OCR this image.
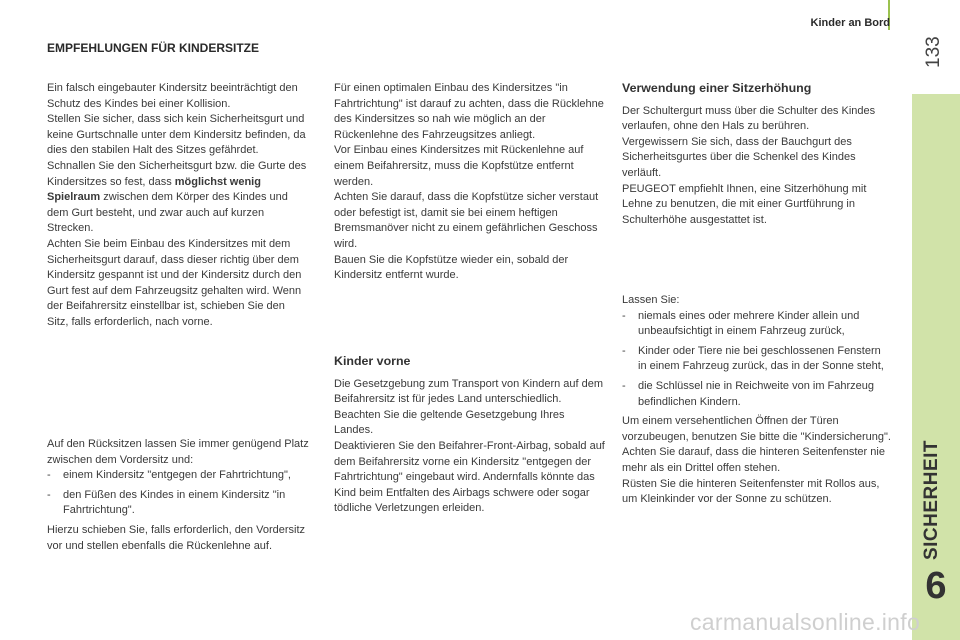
Kinder an Bord
133
SICHERHEIT
6
EMPFEHLUNGEN FÜR KINDERSITZE

Ein falsch eingebauter Kindersitz beeinträchtigt den Schutz des Kindes bei einer Kollision.

Stellen Sie sicher, dass sich kein Sicherheitsgurt und keine Gurtschnalle unter dem Kindersitz befinden, da dies den stabilen Halt des Sitzes gefährdet.

Schnallen Sie den Sicherheitsgurt bzw. die Gurte des Kindersitzes so fest, dass möglichst wenig Spielraum zwischen dem Körper des Kindes und dem Gurt besteht, und zwar auch auf kurzen Strecken.

Achten Sie beim Einbau des Kindersitzes mit dem Sicherheitsgurt darauf, dass dieser richtig über dem Kindersitz gespannt ist und der Kindersitz durch den Gurt fest auf dem Fahrzeugsitz gehalten wird. Wenn der Beifahrersitz einstellbar ist, schieben Sie den Sitz, falls erforderlich, nach vorne.

Auf den Rücksitzen lassen Sie immer genügend Platz zwischen dem Vordersitz und:

- einem Kindersitz "entgegen der Fahrtrichtung",
- den Füßen des Kindes in einem Kindersitz "in Fahrtrichtung".

Hierzu schieben Sie, falls erforderlich, den Vordersitz vor und stellen ebenfalls die Rückenlehne auf.

Für einen optimalen Einbau des Kindersitzes "in Fahrtrichtung" ist darauf zu achten, dass die Rücklehne des Kindersitzes so nah wie möglich an der Rückenlehne des Fahrzeugsitzes anliegt.

Vor Einbau eines Kindersitzes mit Rückenlehne auf einem Beifahrersitz, muss die Kopfstütze entfernt werden.

Achten Sie darauf, dass die Kopfstütze sicher verstaut oder befestigt ist, damit sie bei einem heftigen Bremsmanöver nicht zu einem gefährlichen Geschoss wird.

Bauen Sie die Kopfstütze wieder ein, sobald der Kindersitz entfernt wurde.

Kinder vorne

Die Gesetzgebung zum Transport von Kindern auf dem Beifahrersitz ist für jedes Land unterschiedlich. Beachten Sie die geltende Gesetzgebung Ihres Landes.

Deaktivieren Sie den Beifahrer-Front-Airbag, sobald auf dem Beifahrersitz vorne ein Kindersitz "entgegen der Fahrtrichtung" eingebaut wird. Andernfalls könnte das Kind beim Entfalten des Airbags schwere oder sogar tödliche Verletzungen erleiden.

Verwendung einer Sitzerhöhung

Der Schultergurt muss über die Schulter des Kindes verlaufen, ohne den Hals zu berühren.

Vergewissern Sie sich, dass der Bauchgurt des Sicherheitsgurtes über die Schenkel des Kindes verläuft.

PEUGEOT empfiehlt Ihnen, eine Sitzerhöhung mit Lehne zu benutzen, die mit einer Gurtführung in Schulterhöhe ausgestattet ist.

Lassen Sie:

- niemals eines oder mehrere Kinder allein und unbeaufsichtigt in einem Fahrzeug zurück,
- Kinder oder Tiere nie bei geschlossenen Fenstern in einem Fahrzeug zurück, das in der Sonne steht,
- die Schlüssel nie in Reichweite von im Fahrzeug befindlichen Kindern.

Um einem versehentlichen Öffnen der Türen vorzubeugen, benutzen Sie bitte die "Kindersicherung".

Achten Sie darauf, dass die hinteren Seitenfenster nie mehr als ein Drittel offen stehen.

Rüsten Sie die hinteren Seitenfenster mit Rollos aus, um Kleinkinder vor der Sonne zu schützen.

carmanualsonline.info
